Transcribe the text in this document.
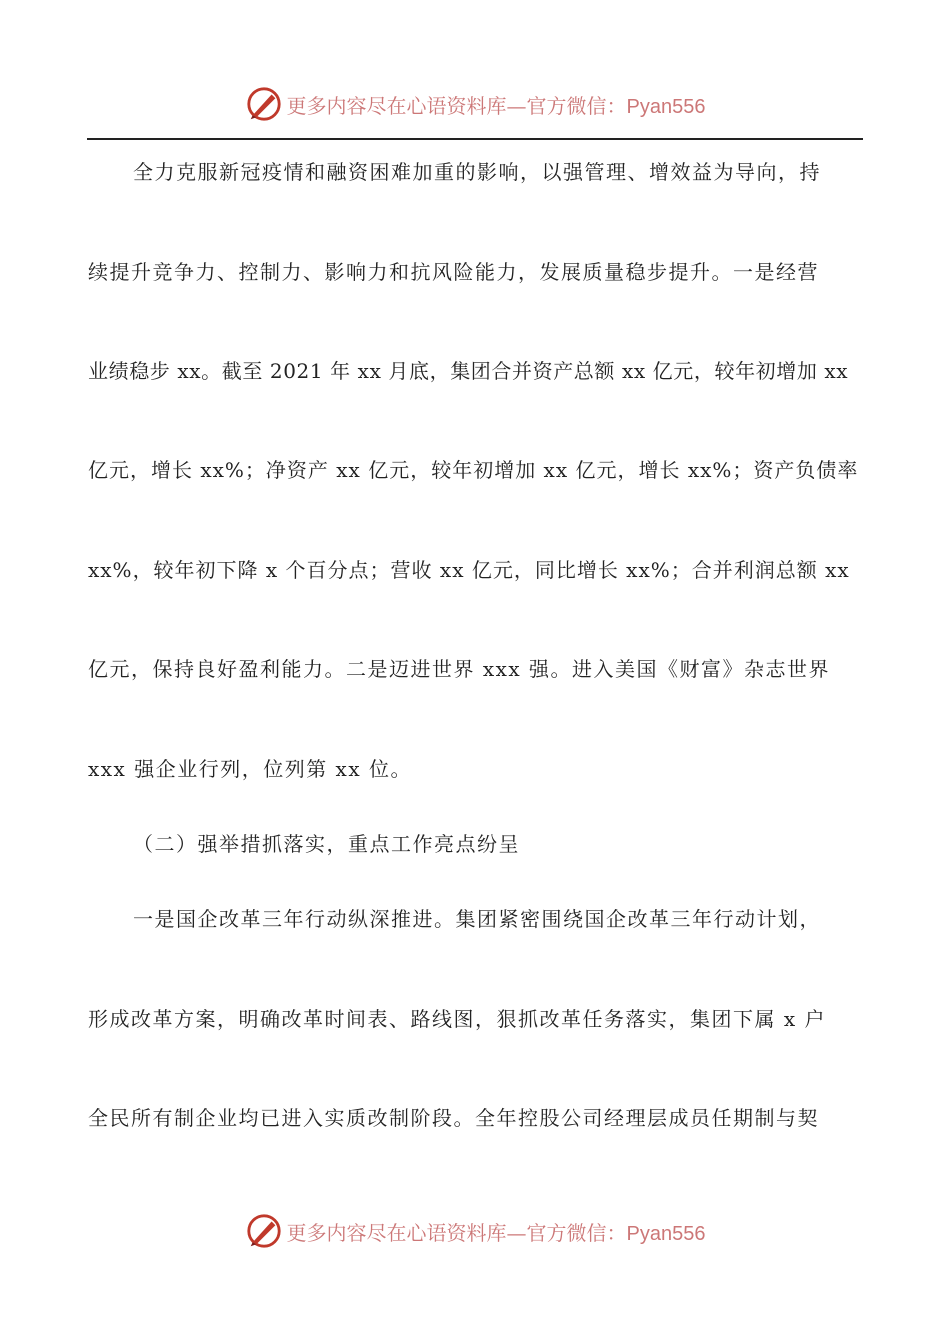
更多内容尽在心语资料库—官方微信：Pyan556
全力克服新冠疫情和融资困难加重的影响，以强管理、增效益为导向，持
续提升竞争力、控制力、影响力和抗风险能力，发展质量稳步提升。一是经营
业绩稳步 xx。截至 2021 年 xx 月底，集团合并资产总额 xx 亿元，较年初增加 xx
亿元，增长 xx%；净资产 xx 亿元，较年初增加 xx 亿元，增长 xx%；资产负债率
xx%，较年初下降 x 个百分点；营收 xx 亿元，同比增长 xx%；合并利润总额 xx
亿元，保持良好盈利能力。二是迈进世界 xxx 强。进入美国《财富》杂志世界
xxx 强企业行列，位列第 xx 位。
（二）强举措抓落实，重点工作亮点纷呈
一是国企改革三年行动纵深推进。集团紧密围绕国企改革三年行动计划，
形成改革方案，明确改革时间表、路线图，狠抓改革任务落实，集团下属 x 户
全民所有制企业均已进入实质改制阶段。全年控股公司经理层成员任期制与契
更多内容尽在心语资料库—官方微信：Pyan556
